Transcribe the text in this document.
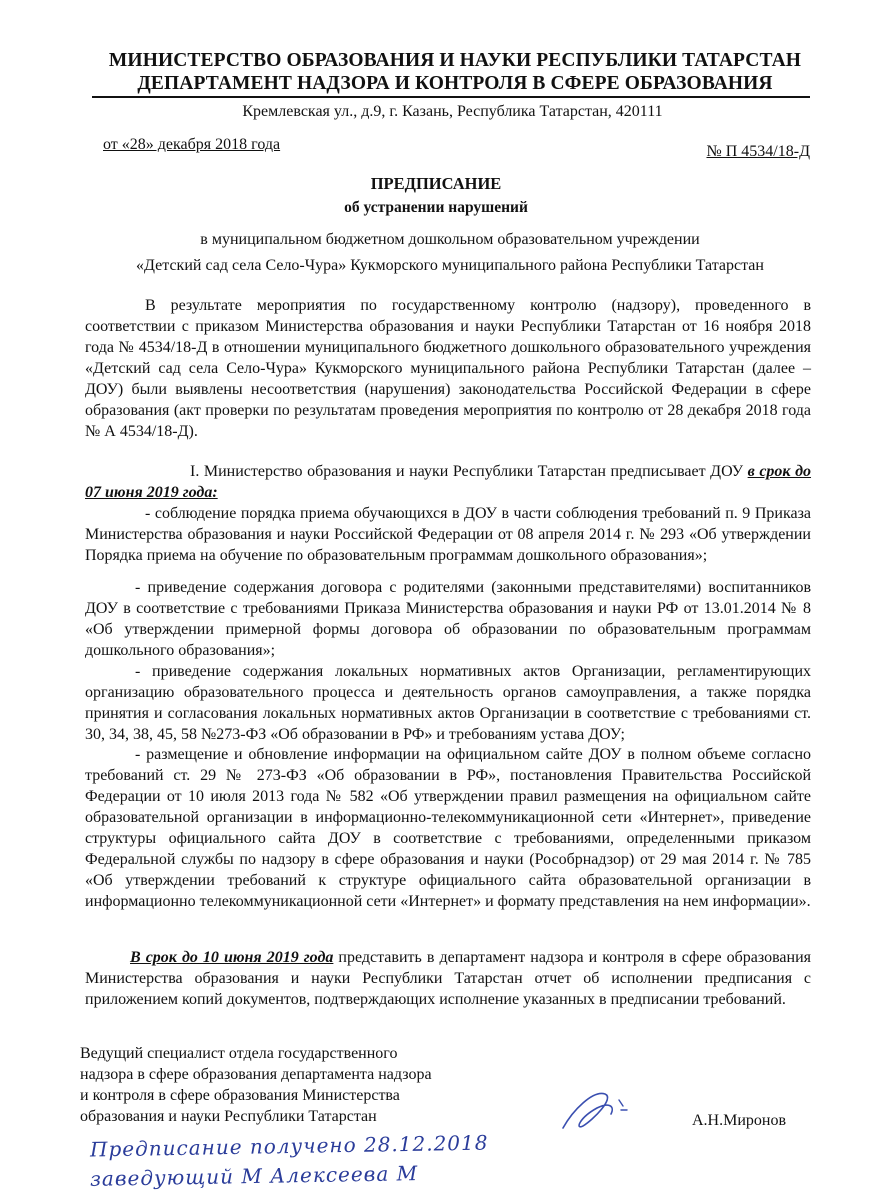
МИНИСТЕРСТВО ОБРАЗОВАНИЯ И НАУКИ РЕСПУБЛИКИ ТАТАРСТАН
ДЕПАРТАМЕНТ НАДЗОРА И КОНТРОЛЯ В СФЕРЕ ОБРАЗОВАНИЯ
Кремлевская ул., д.9, г. Казань, Республика Татарстан, 420111
от «28» декабря 2018 года	№ П 4534/18-Д
ПРЕДПИСАНИЕ
об устранении нарушений
в муниципальном бюджетном дошкольном образовательном учреждении
«Детский сад села Село-Чура» Кукморского муниципального района Республики Татарстан
В результате мероприятия по государственному контролю (надзору), проведенного в соответствии с приказом Министерства образования и науки Республики Татарстан от 16 ноября 2018 года № 4534/18-Д в отношении муниципального бюджетного дошкольного образовательного учреждения «Детский сад села Село-Чура» Кукморского муниципального района Республики Татарстан (далее – ДОУ) были выявлены несоответствия (нарушения) законодательства Российской Федерации в сфере образования (акт проверки по результатам проведения мероприятия по контролю от 28 декабря 2018 года № А 4534/18-Д).
I. Министерство образования и науки Республики Татарстан предписывает ДОУ в срок до 07 июня 2019 года:
- соблюдение порядка приема обучающихся в ДОУ в части соблюдения требований п. 9 Приказа Министерства образования и науки Российской Федерации от 08 апреля 2014 г. № 293 «Об утверждении Порядка приема на обучение по образовательным программам дошкольного образования»;
- приведение содержания договора с родителями (законными представителями) воспитанников ДОУ в соответствие с требованиями Приказа Министерства образования и науки РФ от 13.01.2014 № 8 «Об утверждении примерной формы договора об образовании по образовательным программам дошкольного образования»;
- приведение содержания локальных нормативных актов Организации, регламентирующих организацию образовательного процесса и деятельность органов самоуправления, а также порядка принятия и согласования локальных нормативных актов Организации в соответствие с требованиями ст. 30, 34, 38, 45, 58 №273-ФЗ «Об образовании в РФ» и требованиям устава ДОУ;
- размещение и обновление информации на официальном сайте ДОУ в полном объеме согласно требований ст. 29 № 273-ФЗ «Об образовании в РФ», постановления Правительства Российской Федерации от 10 июля 2013 года № 582 «Об утверждении правил размещения на официальном сайте образовательной организации в информационно-телекоммуникационной сети «Интернет», приведение структуры официального сайта ДОУ в соответствие с требованиями, определенными приказом Федеральной службы по надзору в сфере образования и науки (Рособрнадзор) от 29 мая 2014 г. № 785 «Об утверждении требований к структуре официального сайта образовательной организации в информационно телекоммуникационной сети «Интернет» и формату представления на нем информации».
В срок до 10 июня 2019 года представить в департамент надзора и контроля в сфере образования Министерства образования и науки Республики Татарстан отчет об исполнении предписания с приложением копий документов, подтверждающих исполнение указанных в предписании требований.
Ведущий специалист отдела государственного
надзора в сфере образования департамента надзора
и контроля в сфере образования Министерства
образования и науки Республики Татарстан	А.Н.Миронов
Предписание получено 28.12.2018
заведующий М Алексеева М
